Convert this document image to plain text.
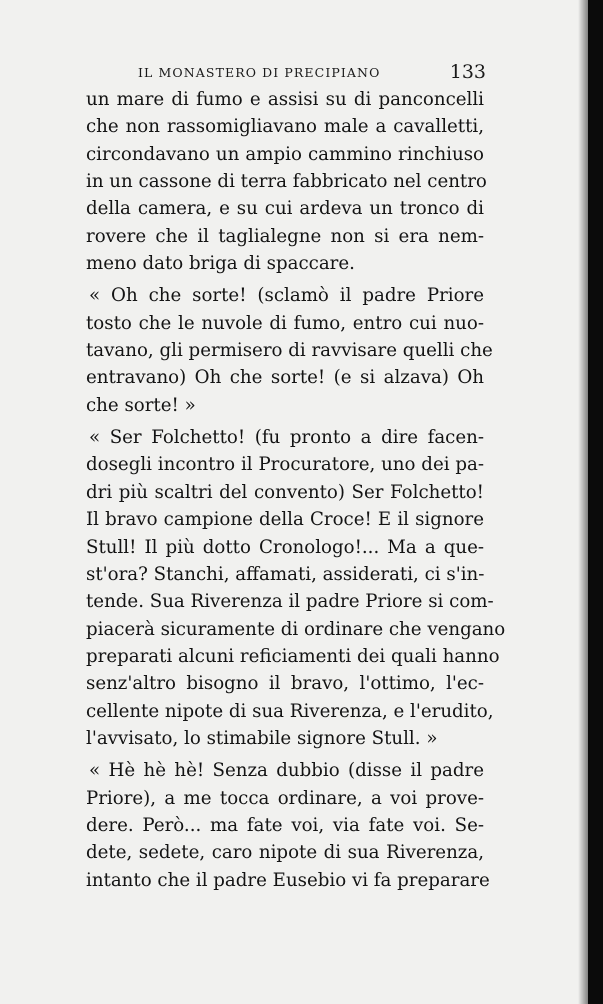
IL MONASTERO DI PRECIPIANO	133
un mare di fumo e assisi su di panconcelli
che non rassomigliavano male a cavalletti,
circondavano un ampio cammino rinchiuso
in un cassone di terra fabbricato nel centro
della camera, e su cui ardeva un tronco di
rovere che il taglialegne non si era nem-
meno dato briga di spaccare.
« Oh che sorte! (sclamò il padre Priore
tosto che le nuvole di fumo, entro cui nuo-
tavano, gli permisero di ravvisare quelli che
entravano) Oh che sorte! (e si alzava) Oh
che sorte! »
« Ser Folchetto! (fu pronto a dire facen-
dosegli incontro il Procuratore, uno dei pa-
dri più scaltri del convento) Ser Folchetto!
Il bravo campione della Croce! E il signore
Stull! Il più dotto Cronologo!... Ma a que-
st'ora? Stanchi, affamati, assiderati, ci s'in-
tende. Sua Riverenza il padre Priore si com-
piacerà sicuramente di ordinare che vengano
preparati alcuni reficiamenti dei quali hanno
senz'altro bisogno il bravo, l'ottimo, l'ec-
cellente nipote di sua Riverenza, e l'erudito,
l'avvisato, lo stimabile signore Stull. »
« Hè hè hè! Senza dubbio (disse il padre
Priore), a me tocca ordinare, a voi prove-
dere. Però... ma fate voi, via fate voi. Se-
dete, sedete, caro nipote di sua Riverenza,
intanto che il padre Eusebio vi fa preparare
